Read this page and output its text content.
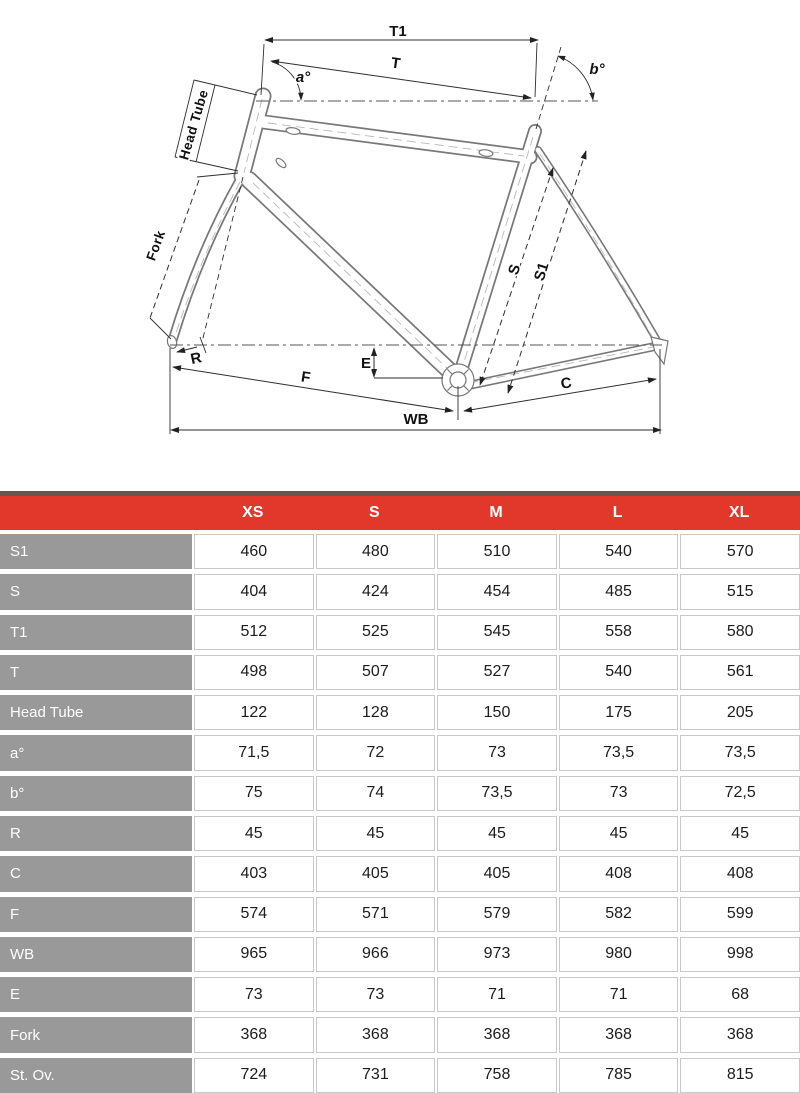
T1
T
a°	b°
Head Tube
Fork
S S1
R	E
F	C
WB
XS	S	M	L	XL
S1	460	480	510	540	570
S	404	424	454	485	515
T1	512	525	545	558	580
T	498	507	527	540	561
Head Tube	122	128	150	175	205
a°	71,5	72	73	73,5	73,5
b°	75	74	73,5	73	72,5
R	45	45	45	45	45
C	403	405	405	408	408
F	574	571	579	582	599
WB	965	966	973	980	998
E	73	73	71	71	68
Fork	368	368	368	368	368
St. Ov.	724	731	758	785	815
